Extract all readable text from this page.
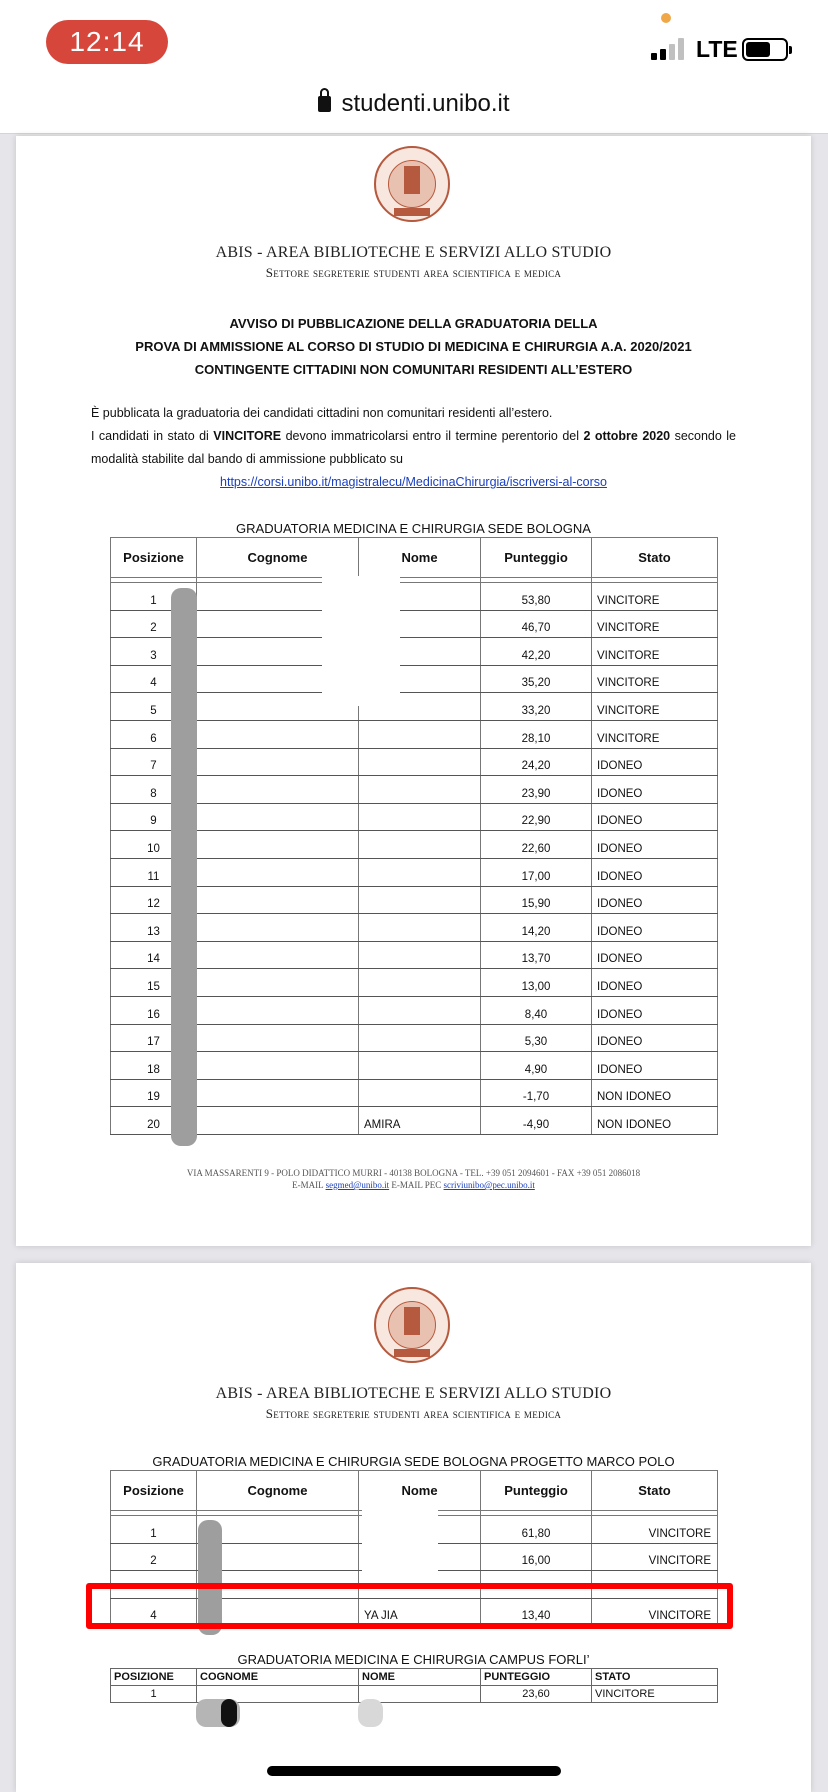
12:14	LTE
studenti.unibo.it
ABIS - AREA BIBLIOTECHE E SERVIZI ALLO STUDIO
Settore segreterie studenti area scientifica e medica
AVVISO DI PUBBLICAZIONE DELLA GRADUATORIA DELLA
PROVA DI AMMISSIONE AL CORSO DI STUDIO DI MEDICINA E CHIRURGIA A.A. 2020/2021
CONTINGENTE CITTADINI NON COMUNITARI RESIDENTI ALL’ESTERO
È pubblicata la graduatoria dei candidati cittadini non comunitari residenti all’estero.
I candidati in stato di VINCITORE devono immatricolarsi entro il termine perentorio del 2 ottobre 2020 secondo le modalità stabilite dal bando di ammissione pubblicato su
https://corsi.unibo.it/magistralecu/MedicinaChirurgia/iscriversi-al-corso
GRADUATORIA MEDICINA E CHIRURGIA SEDE BOLOGNA
Posizione	Cognome	Nome	Punteggio	Stato

1			53,80	VINCITORE
2			46,70	VINCITORE
3			42,20	VINCITORE
4			35,20	VINCITORE
5			33,20	VINCITORE
6			28,10	VINCITORE
7			24,20	IDONEO
8			23,90	IDONEO
9			22,90	IDONEO
10			22,60	IDONEO
11			17,00	IDONEO
12			15,90	IDONEO
13			14,20	IDONEO
14			13,70	IDONEO
15			13,00	IDONEO
16			8,40	IDONEO
17			5,30	IDONEO
18			4,90	IDONEO
19			-1,70	NON IDONEO
20		AMIRA	-4,90	NON IDONEO
VIA MASSARENTI 9 - POLO DIDATTICO MURRI - 40138 BOLOGNA - TEL. +39 051 2094601 - FAX +39 051 2086018
E-MAIL segmed@unibo.it E-MAIL PEC scriviunibo@pec.unibo.it
ABIS - AREA BIBLIOTECHE E SERVIZI ALLO STUDIO
Settore segreterie studenti area scientifica e medica
GRADUATORIA MEDICINA E CHIRURGIA SEDE BOLOGNA PROGETTO MARCO POLO
Posizione	Cognome	Nome	Punteggio	Stato

1			61,80	VINCITORE
2			16,00	VINCITORE

4		YA JIA	13,40	VINCITORE
GRADUATORIA MEDICINA E CHIRURGIA CAMPUS FORLI’
POSIZIONE	COGNOME	NOME	PUNTEGGIO	STATO
1			23,60	VINCITORE
